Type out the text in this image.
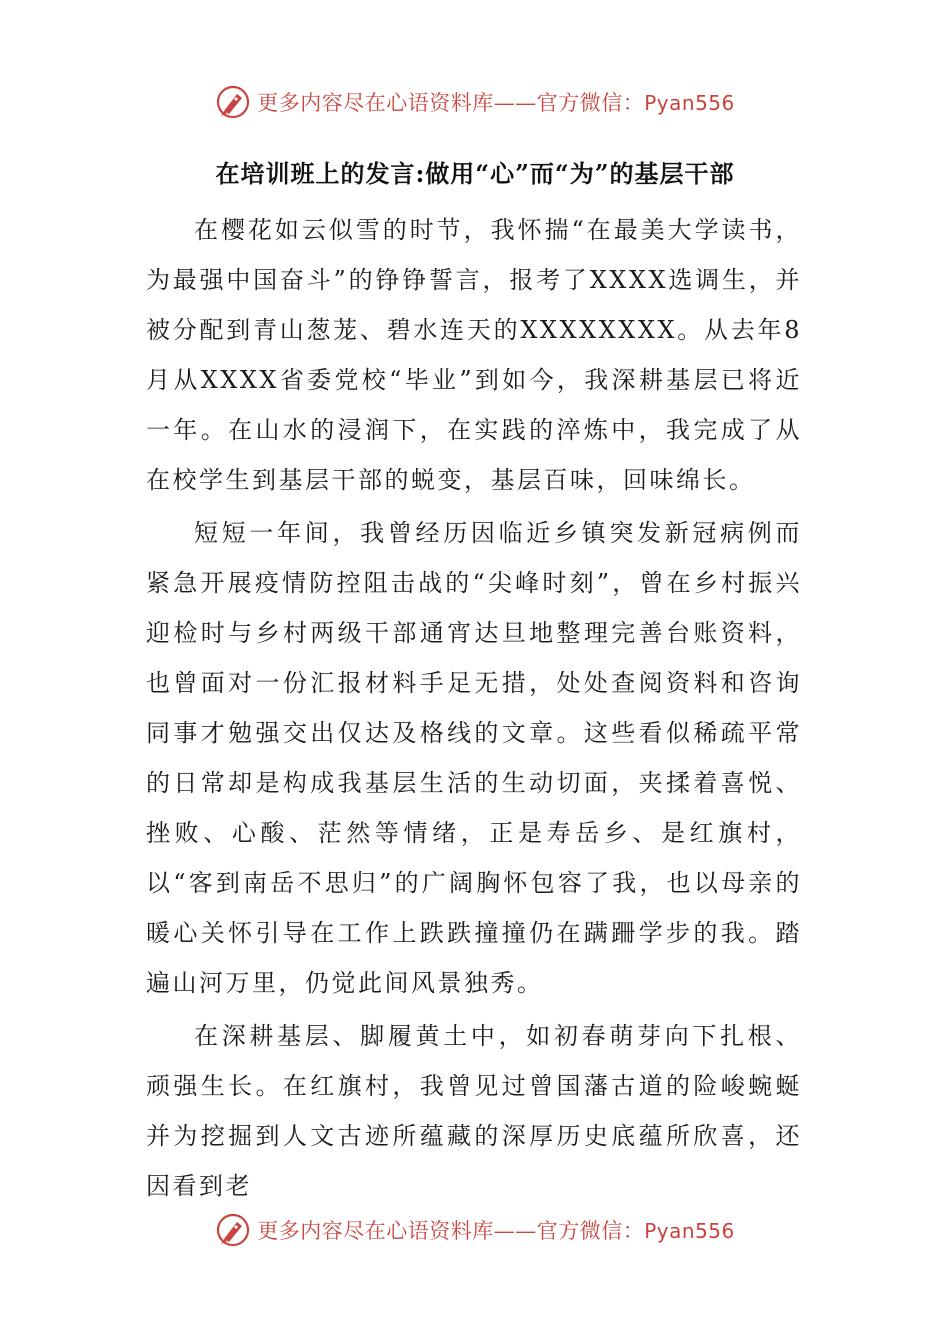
更多内容尽在心语资料库——官方微信：Pyan556
在培训班上的发言:做用“心”而“为”的基层干部

在樱花如云似雪的时节，我怀揣“在最美大学读书，为最强中国奋斗”的铮铮誓言，报考了XXXX选调生，并被分配到青山葱茏、碧水连天的XXXXXXXX。从去年8月从XXXX省委党校“毕业”到如今，我深耕基层已将近一年。在山水的浸润下，在实践的淬炼中，我完成了从在校学生到基层干部的蜕变，基层百味，回味绵长。

短短一年间，我曾经历因临近乡镇突发新冠病例而紧急开展疫情防控阻击战的“尖峰时刻”，曾在乡村振兴迎检时与乡村两级干部通宵达旦地整理完善台账资料，也曾面对一份汇报材料手足无措，处处查阅资料和咨询同事才勉强交出仅达及格线的文章。这些看似稀疏平常的日常却是构成我基层生活的生动切面，夹揉着喜悦、挫败、心酸、茫然等情绪，正是寿岳乡、是红旗村，以“客到南岳不思归”的广阔胸怀包容了我，也以母亲的暖心关怀引导在工作上跌跌撞撞仍在蹒跚学步的我。踏遍山河万里，仍觉此间风景独秀。

在深耕基层、脚履黄土中，如初春萌芽向下扎根、顽强生长。在红旗村，我曾见过曾国藩古道的险峻蜿蜒并为挖掘到人文古迹所蕴藏的深厚历史底蕴所欣喜，还因看到老

更多内容尽在心语资料库——官方微信：Pyan556
